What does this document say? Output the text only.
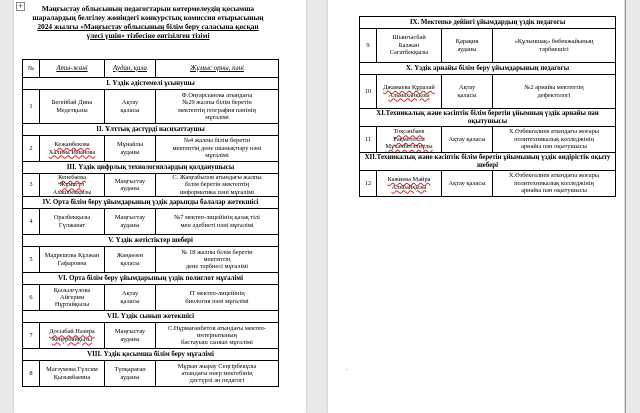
+
·
Маңғыстау облысының педагогтарын көтермелеудің қосымша
шаралардың белгілеу жөніндегі конкурстық комиссия отырысының
2024 жылғы «Маңғыстау облысының білім беру саласына қосқан
үлесі үшін» тізбесіне енгізілген тізімі
№	Аты-жөні	Аудан, қала	Жұмыс орны, пәні
I. Үздік әдістемелі ұсынушы			
1	Бегейбай Дина
Медетқызы	Ақтау
қаласы	Ф.Оңғарсынова атындағы
№29 жалпы білім беретін
мектептің география пәнінің
мұғалімі

II. Ұлттық дәстүрді насихаттаушы			
2	Кежанбекова
Халима Иманова	Мұнайлы
ауданы	№4 жалпы білім беретін
мектептің дене шынықтыру пәні
мұғалімі

III. Үздік цифрлық технологиялардың қолданушысы			
3	Кенебаева
Жұмагүл
Ахашбекқызы	Маңғыстау
ауданы	С. Жаңғабылов атындағы жалпы
білім беретін мектептің
информатика пәні мұғалімі

IV. Орта білім беру ұйымдарының үздік дарынды балалар жетекшісі			
4	Оразбекқызы
Гүлжанат	Маңғыстау
ауданы	№7 мектеп-лицейінің қазақ тілі
мен әдебиеті пәні мұғалімі

V. Үздік жетістіктер шебері			
5	Мадрешова Кұлжан
Гафаровна	Жаңаөзен
қаласы	№ 18 жалпы білім беретін
мектептің
дене тәрбиесі мұғалімі

VI. Орта білім беру ұйымдарының үздік полиглот мұғалімі			
6	Қызылгүлова
Айгерим
Нұртайқызы	Ақтау
қаласы	IT мектеп-лицейінің
биология пәні мұғалімі

VII. Үздік сынып жетекшісі			
7	Досыбай Назира
Кеңербайқызы	Маңғыстау
ауданы	С.Нұрмағанбетов атындағы мектеп-
интернатының
бастауыш сынып мұғалімі

VIII. Үздік қосымша білім беру мұғалімі			
8	Магзумова Гүлсим
Қызыкбаевна	Түпқараған
ауданы	Мұрын жырау Сеңгірбекұлы
атындағы өнер мектебінің
дәстүрлі ән педагогі
IX. Мектепке дейінгі ұйымдардың үздік педагогы			
9	Шынгысбай
Балжан
Сагатбекқызы	Қарақия
ауданы	«Құлыншақ» бөбекжайының
тәрбиешісі

X. Үздік арнайы білім беру ұйымдарының педагогы			
10	Джамаева Құралай
Альмаханқызы	Ақтау
қаласы	№2 арнайы мектептің
дефектологі

XI.Техникалық және кәсіптік білім беретін ұйымның үздік арнайы пән оқытушысы			
11	Тоқсанбаев
Рақметолла
Мұханбетәлиұлы	Ақтау қаласы	Х.Өзбекғалиев атындағы жоғары
политехникалық колледжінің
арнайы пән оқытушысы

XII.Техникалық және кәсіптік білім беретін ұйымының үздік өндірістік оқыту шебері			
12	Кажиева Майра
Алибайқызы	Ақтау қаласы	Х.Өзбекғалиев атындағы жоғары
политехникалық колледжінің
арнайы пән оқытушысы
